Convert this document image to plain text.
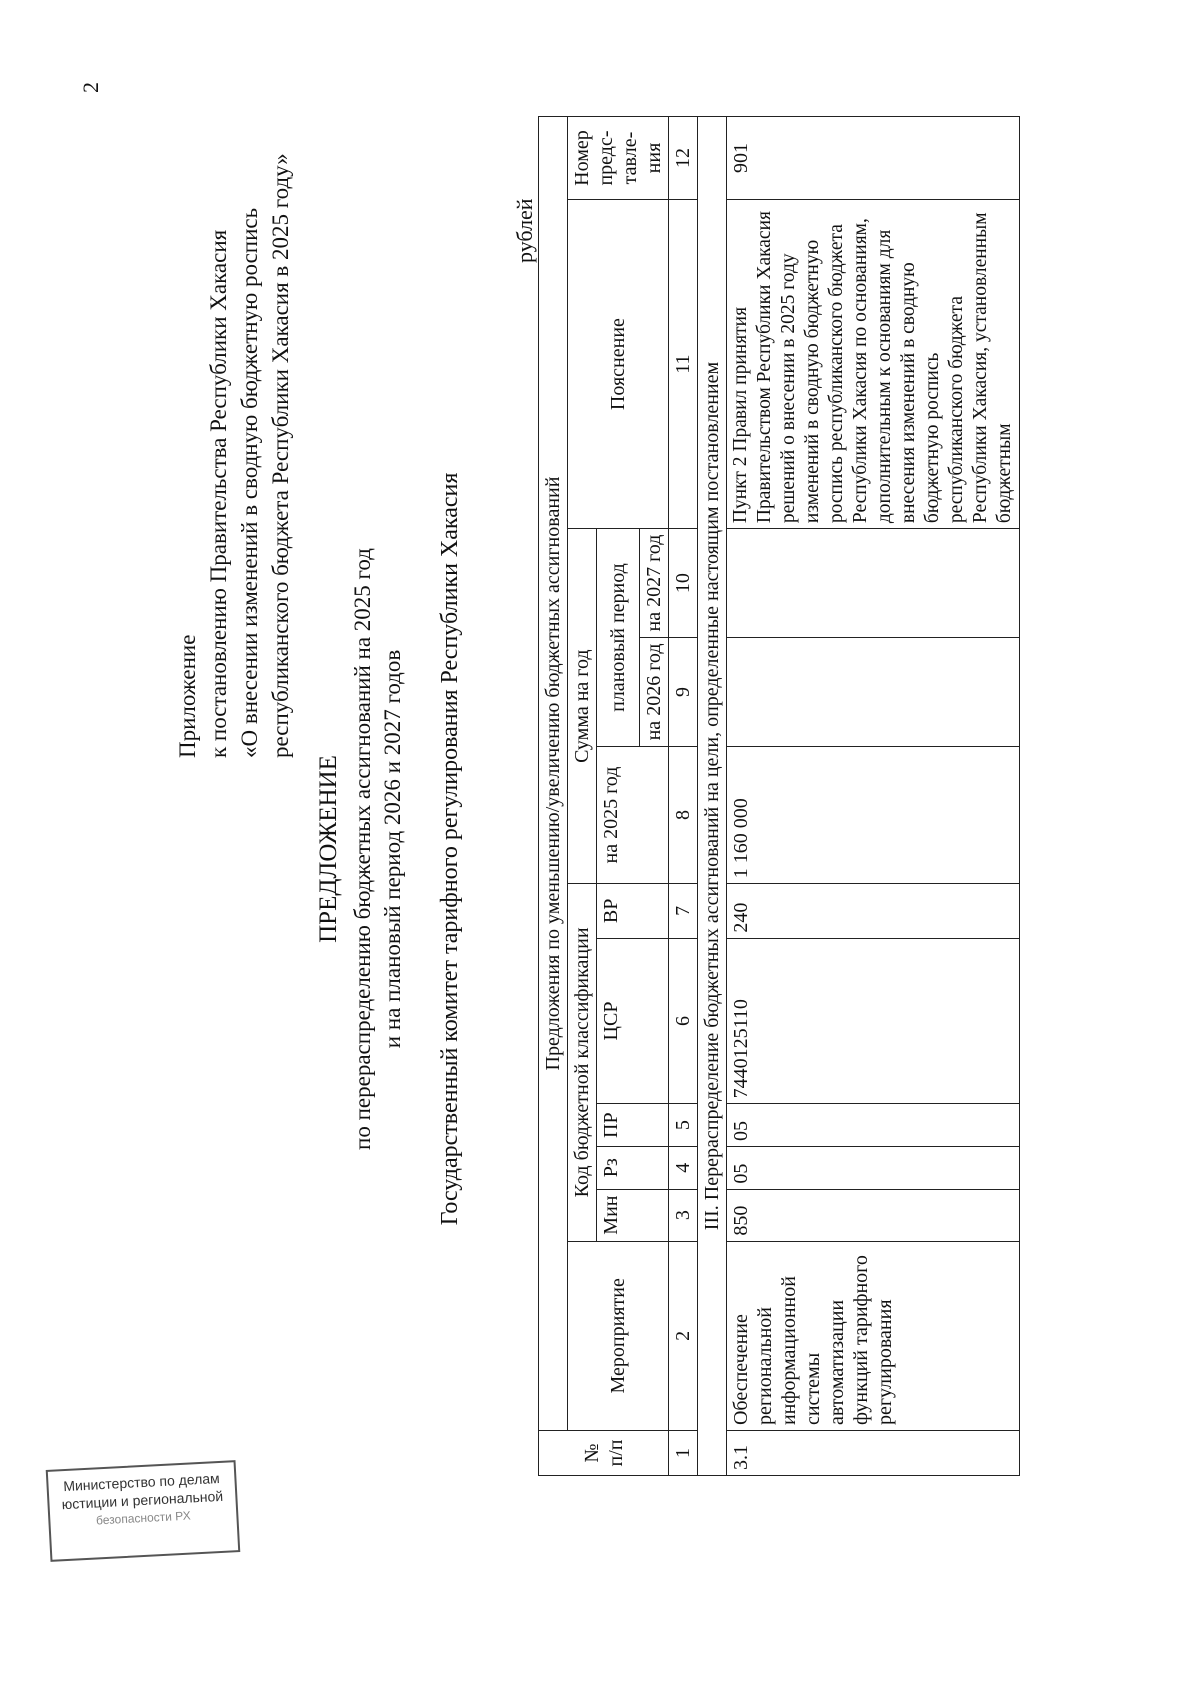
2
Приложение к постановлению Правительства Республики Хакасия «О внесении изменений в сводную бюджетную роспись республиканского бюджета Республики Хакасия в 2025 году»
ПРЕДЛОЖЕНИЕ по перераспределению бюджетных ассигнований на 2025 год и на плановый период 2026 и 2027 годов Государственный комитет тарифного регулирования Республики Хакасия
рублей
№ п/п	Предложения по уменьшению/увеличению бюджетных ассигнований										
	Мероприятие	Код бюджетной классификации					Сумма на год			Пояснение	Номер предс-тавле-ния
		Мин	Рз	ПР	ЦСР	ВР	на 2025 год	плановый период			
								на 2026 год	на 2027 год		
1	2	3	4	5	6	7	8	9	10	11	12
III. Перераспределение бюджетных ассигнований на цели, определенные настоящим постановлением											
3.1	Обеспечение региональной информационной системы автоматизации функций тарифного регулирования	850	05	05	7440125110	240	1 160 000			Пункт 2 Правил принятия Правительством Республики Хакасия решений о внесении в 2025 году изменений в сводную бюджетную роспись республиканского бюджета Республики Хакасия по основаниям, дополнительным к основаниям для внесения изменений в сводную бюджетную роспись республиканского бюджета Республики Хакасия, установленным бюджетным	901
Министерство по делам
юстиции и региональной
безопасности РХ
